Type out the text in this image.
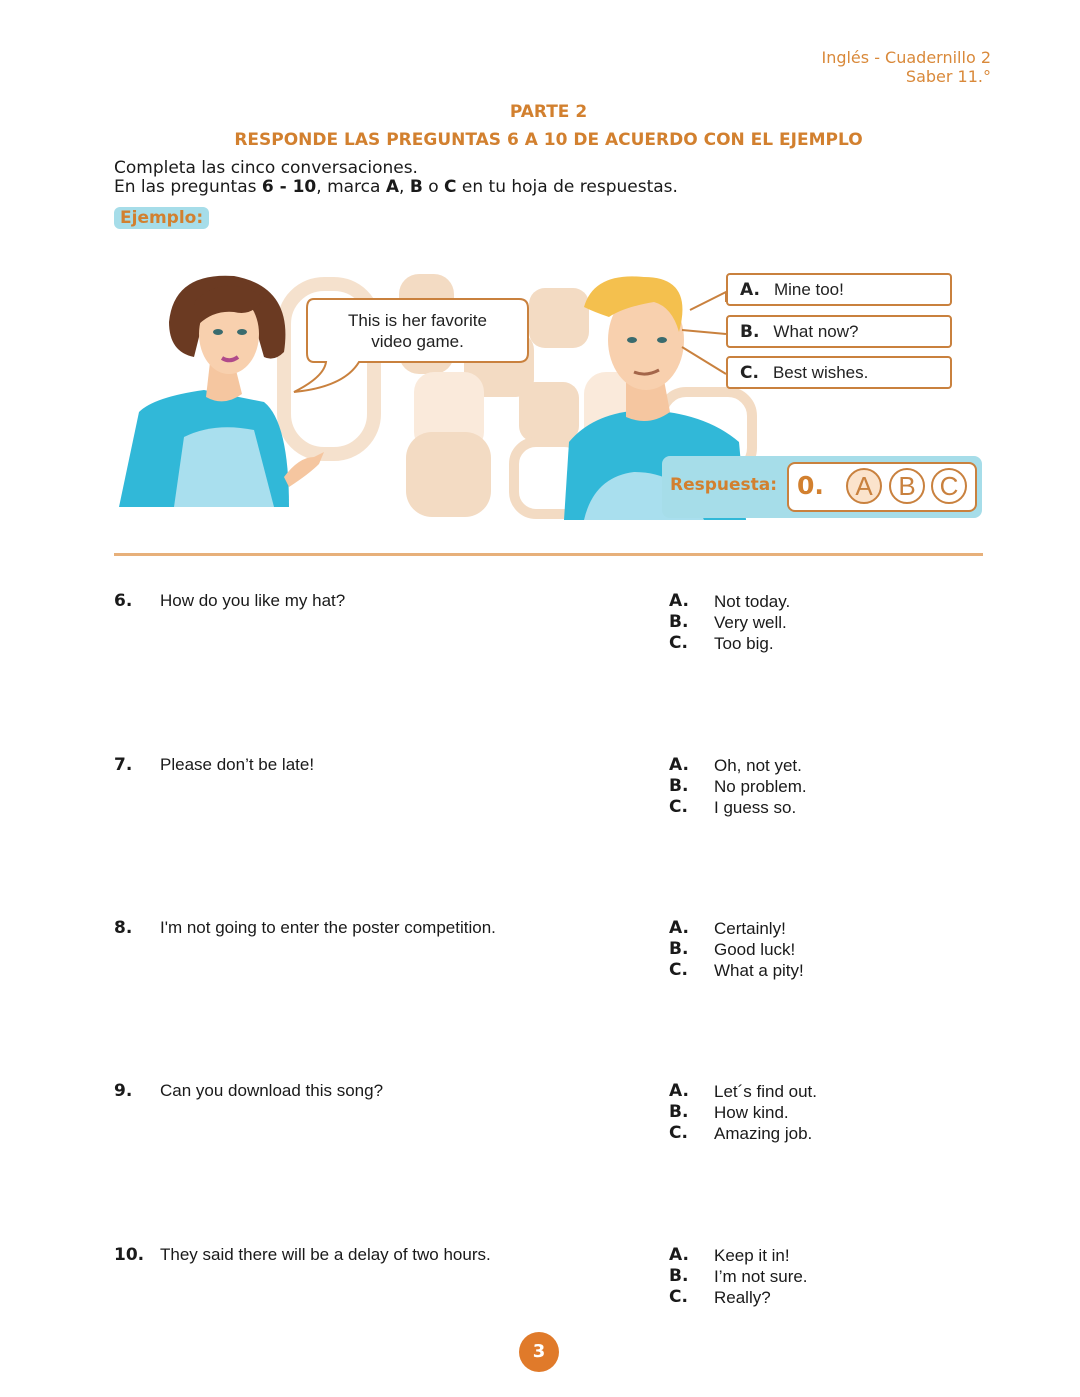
Inglés - Cuadernillo 2
Saber 11.°
PARTE 2
RESPONDE LAS PREGUNTAS 6 A 10 DE ACUERDO CON EL EJEMPLO
Completa las cinco conversaciones.
En las preguntas 6 - 10, marca A, B o C en tu hoja de respuestas.
Ejemplo:
This is her favorite
video game.
A. Mine too!
B. What now?
C. Best wishes.
Respuesta: 0.	A B C
6. How do you like my hat?	A. Not today.
B. Very well.
C. Too big.
7. Please don’t be late!	A. Oh, not yet.
B. No problem.
C. I guess so.
8. I'm not going to enter the poster competition.	A. Certainly!
B. Good luck!
C. What a pity!
9. Can you download this song?	A. Let´s find out.
B. How kind.
C. Amazing job.
10. They said there will be a delay of two hours.	A. Keep it in!
B. I’m not sure.
C. Really?
3
